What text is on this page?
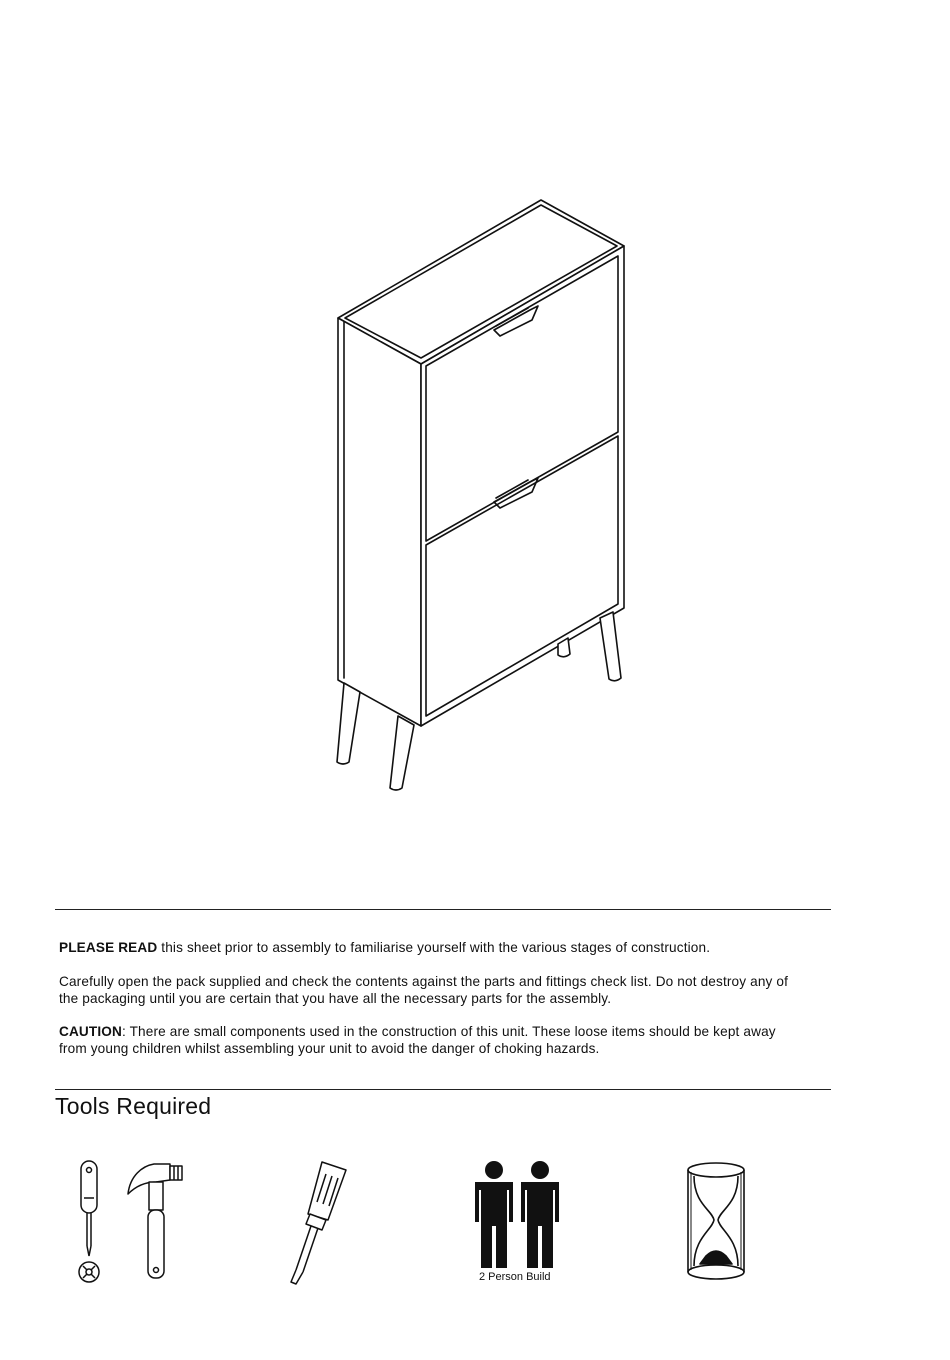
PLEASE READ this sheet prior to assembly to familiarise yourself with the various stages of construction.
Carefully open the pack supplied and check the contents against the parts and fittings check list. Do not destroy any of
the packaging until you are certain that you have all the necessary parts for the assembly.
CAUTION: There are small components used in the construction of this unit. These loose items should be kept away
from young children whilst assembling your unit to avoid the danger of choking hazards.
Tools Required
2 Person Build
